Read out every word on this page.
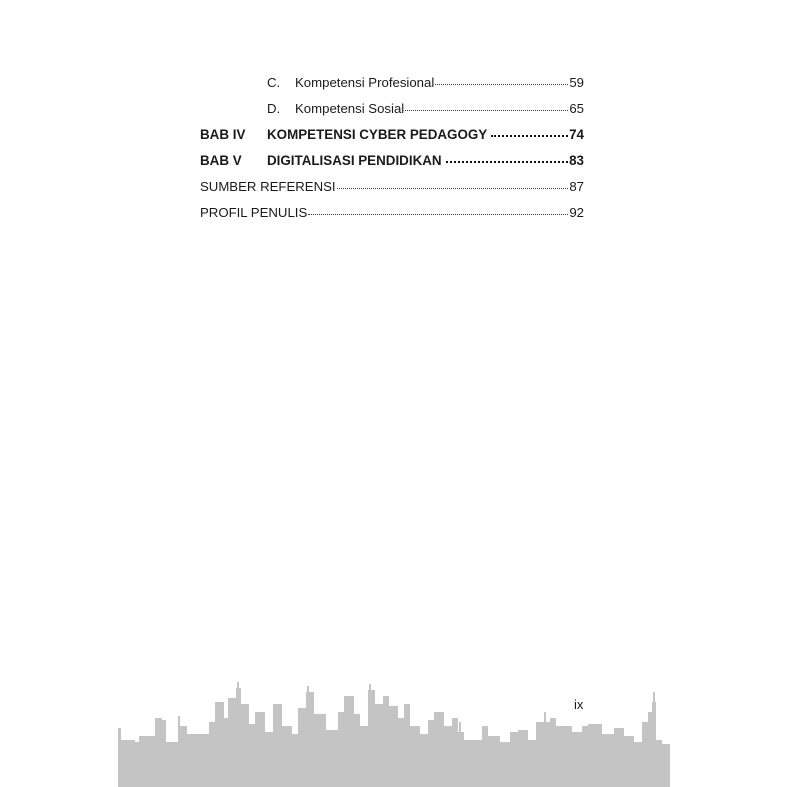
C.	Kompetensi Profesional	59
D.	Kompetensi Sosial	65
BAB IV	KOMPETENSI CYBER PEDAGOGY	74
BAB V	DIGITALISASI PENDIDIKAN	83
SUMBER REFERENSI	87
PROFIL PENULIS	92
ix
